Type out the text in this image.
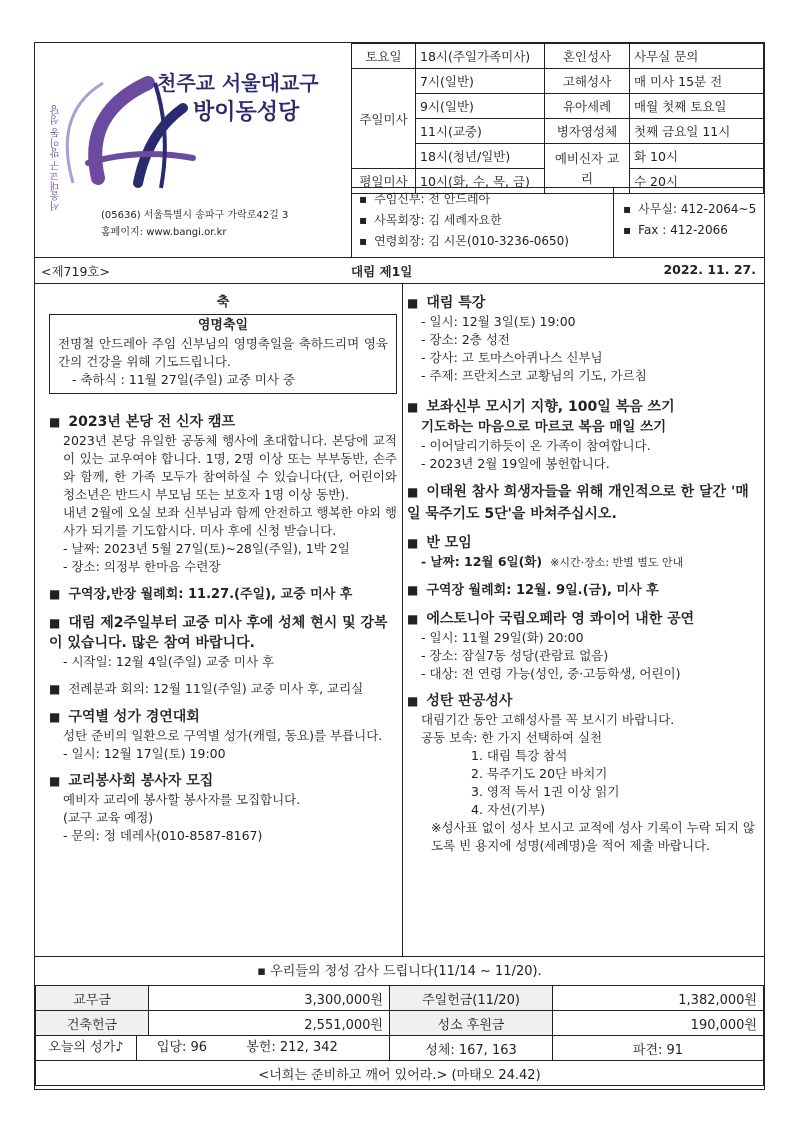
서울대교구 방이동 성당
천주교 서울대교구
방이동성당
(05636) 서울특별시 송파구 가락로42길 3
홈페이지: www.bangi.or.kr
토요일	18시(주일가족미사)	혼인성사	사무실 문의
주일미사	7시(일반)	고해성사	매 미사 15분 전
	9시(일반)	유아세례	매월 첫째 토요일
	11시(교중)	병자영성체	첫째 금요일 11시
	18시(청년/일반)	예비신자 교리	화 10시
평일미사	10시(화, 수, 목, 금)		수 20시
▪ 주임신부: 전 안드레아
▪ 사목회장: 김 세례자요한
▪ 연령회장: 김 시몬(010-3236-0650)
▪ 사무실: 412-2064~5
▪ Fax : 412-2066
<제719호>	대림 제1일	2022. 11. 27.
축
영명축일
전명철 안드레아 주임 신부님의 영명축일을 축하드리며 영육 간의 건강을 위해 기도드립니다.
- 축하식 : 11월 27일(주일) 교중 미사 중
■ 2023년 본당 전 신자 캠프
2023년 본당 유일한 공동체 행사에 초대합니다. 본당에 교적이 있는 교우여야 합니다. 1명, 2명 이상 또는 부부동반, 손주와 함께, 한 가족 모두가 참여하실 수 있습니다(단, 어린이와 청소년은 반드시 부모님 또는 보호자 1명 이상 동반).
내년 2월에 오실 보좌 신부님과 함께 안전하고 행복한 야외 행사가 되기를 기도합시다. 미사 후에 신청 받습니다.
- 날짜: 2023년 5월 27일(토)~28일(주일), 1박 2일
- 장소: 의정부 한마음 수련장
■ 구역장,반장 월례회: 11.27.(주일), 교중 미사 후
■ 대림 제2주일부터 교중 미사 후에 성체 현시 및 강복이 있습니다. 많은 참여 바랍니다.
- 시작일: 12월 4일(주일) 교중 미사 후
■ 전례분과 회의: 12월 11일(주일) 교중 미사 후, 교리실
■ 구역별 성가 경연대회
성탄 준비의 일환으로 구역별 성가(캐럴, 동요)를 부릅니다.
- 일시: 12월 17일(토) 19:00
■ 교리봉사회 봉사자 모집
예비자 교리에 봉사할 봉사자를 모집합니다.
(교구 교육 예정)
- 문의: 정 데레사(010-8587-8167)
■ 대림 특강
- 일시: 12월 3일(토) 19:00
- 장소: 2층 성전
- 강사: 고 토마스아퀴나스 신부님
- 주제: 프란치스코 교황님의 기도, 가르침
■ 보좌신부 모시기 지향, 100일 복음 쓰기
기도하는 마음으로 마르코 복음 매일 쓰기
- 이어달리기하듯이 온 가족이 참여합니다.
- 2023년 2월 19일에 봉헌합니다.
■ 이태원 참사 희생자들을 위해 개인적으로 한 달간 '매일 묵주기도 5단'을 바쳐주십시오.
■ 반 모임
- 날짜: 12월 6일(화) ※시간·장소: 반별 별도 안내
■ 구역장 월례회: 12월. 9일.(금), 미사 후
■ 에스토니아 국립오페라 영 콰이어 내한 공연
- 일시: 11월 29일(화) 20:00
- 장소: 잠실7동 성당(관람료 없음)
- 대상: 전 연령 가능(성인, 중·고등학생, 어린이)
■ 성탄 판공성사
대림기간 동안 고해성사를 꼭 보시기 바랍니다.
공동 보속: 한 가지 선택하여 실천
1. 대림 특강 참석
2. 묵주기도 20단 바치기
3. 영적 독서 1권 이상 읽기
4. 자선(기부)
※성사표 없이 성사 보시고 교적에 성사 기록이 누락 되지 않도록 빈 용지에 성명(세례명)을 적어 제출 바랍니다.
▪ 우리들의 정성 감사 드립니다(11/14 ~ 11/20).
교무금	3,300,000원	주일헌금(11/20)	1,382,000원
건축헌금	2,551,000원	성소 후원금	190,000원

오늘의 성가♪ 입당: 96 봉헌: 212, 342		성체: 167, 163	파견: 91
<너희는 준비하고 깨어 있어라.> (마태오 24.42)			
